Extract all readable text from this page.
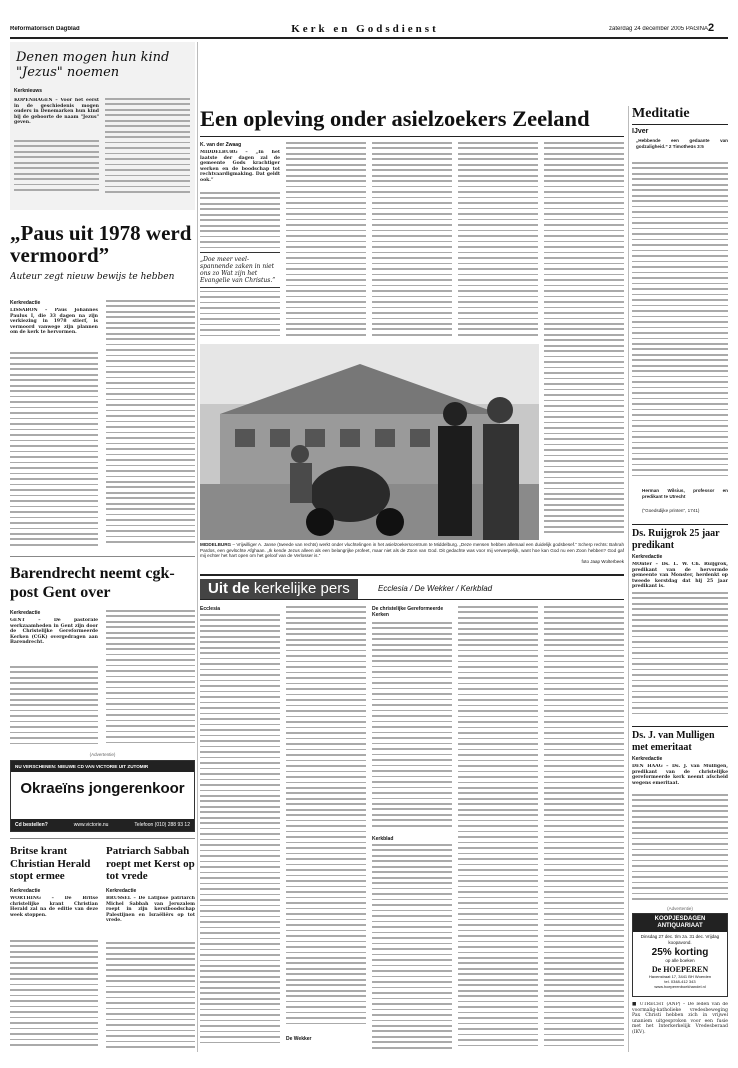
Reformatorisch Dagblad	Kerk en Godsdienst	zaterdag 24 december 2005 PAGINA 2
Denen mogen hun kind "Jezus" noemen
Kerknieuws
KOPENHAGEN – Voor het eerst in de geschiedenis mogen ouders in Denemarken hun kind bij de geboorte de naam "Jezus" geven.
„Paus uit 1978 werd vermoord”
Auteur zegt nieuw bewijs te hebben
Kerkredactie
LISSABON – Paus Johannes Paulus I, die 33 dagen na zijn verkiezing in 1978 stierf, is vermoord vanwege zijn plannen om de kerk te hervormen.
Barendrecht neemt cgk-post Gent over
Kerkredactie
GENT – De pastorale werkzaamheden in Gent zijn door de Christelijke Gereformeerde Kerken (CGK) overgedragen aan Barendrecht.
(Advertentie)
NU VERSCHENEN: NIEUWE CD VAN VICTORIE UIT ZUTOMIR
Okraeïns jongerenkoor
Cd bestellen?	www.victorie.nu	Telefoon (010) 288 93 12
Britse krant Christian Herald stopt ermee
Kerkredactie
WORTHING – De Britse christelijke krant Christian Herald zal na de editie van deze week stoppen.
Patriarch Sabbah roept met Kerst op tot vrede
Kerkredactie
BRUSSEL – De Latijnse patriarch Michel Sabbah van Jeruzalem roept in zijn kerstboodschap Palestijnen en Israëliërs op tot vrede.
Een opleving onder asielzoekers Zeeland
K. van der Zwaag
MIDDELBURG – „In het laatste der dagen zal de gemeente Gods krachtiger werken en de boodschap tot rechtvaardigmaking. Dat geldt ook.”
„Doe meer veel-spannende zaken in niet ons zo Wat zijn het Evangelie van Christus.”
MIDDELBURG – Vrijwilliger A. Janse (tweede van rechts) werkt onder vluchtelingen in het asielzoekerscentrum te Middelburg. „Deze mensen hebben allemaal een duidelijk godsbesef.” Scherp rechts: Bahrah Pardos, een gevlüchte Afghaan. „Ik kende Jezus alleen als een belangrijke profeet, maar niet als de Zoon van God. Dit gedachte was voor mij verwerpelijk, want hoe kan God nu een Zoon hebben? God gaf mij echter het hart open om het geloof van de Verlosser is.”
foto Jaap Wolterbeek
Uit de kerkelijke pers	Ecclesia / De Wekker / Kerkblad
Ecclesia
De Wekker
De christelijke Gereformeerde Kerken
Kerkblad
Meditatie
IJver
„Hebbende een gedaante van godzaligheid.” 2 Timotheüs 3:5
Herman Wilsius, professor en predikant te Utrecht
("Goedsdijke printen", 1741)
Ds. Ruijgrok 25 jaar predikant
Kerkredactie
MOnter – Ds. L. W. Ch. Ruijgrok, predikant van de hervormde gemeente van Monster, herdenkt op tweede kerstdag dat hij 25 jaar predikant is.
Ds. J. van Mulligen met emeritaat
Kerkredactie
DEN HAAG – Ds. J. van Mulligen, predikant van de christelijke gereformeerde kerk neemt afscheid wegens emeritaat.
(Advertentie)
KOOPJESDAGEN ANTIQUARIAAT
Dinsdag 27 dec. t/m za. 31 dec. Vrijdag koopavond.
25% korting
op alle boeken
De HOEPEREN
Havenstraat 17, 3441 BH Woerden
tel. 0348-412 343
www.hoeperenboekhandel.nl
■ UTRECHT (ANP) – De leden van de voormalig-katholieke vredesbeweging Pax Christi hebben zich in vrijwel unaniem uitgesproken voor een fusie met het Interkerkelijk Vredesberaad (IKV).
